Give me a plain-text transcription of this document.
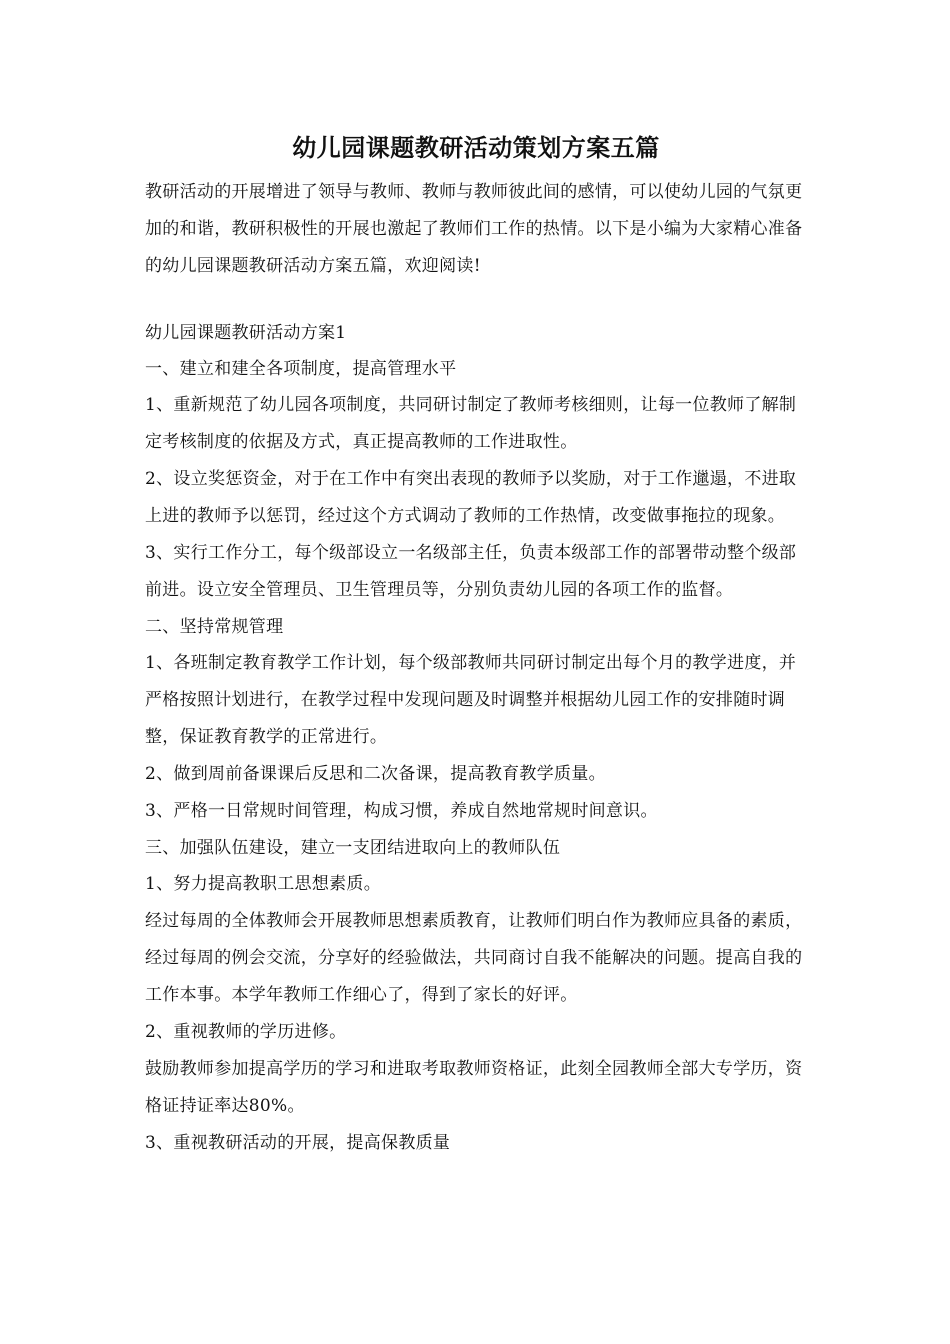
幼儿园课题教研活动策划方案五篇

教研活动的开展增进了领导与教师、教师与教师彼此间的感情，可以使幼儿园的气氛更加的和谐，教研积极性的开展也激起了教师们工作的热情。以下是小编为大家精心准备的幼儿园课题教研活动方案五篇，欢迎阅读!

幼儿园课题教研活动方案1

一、建立和建全各项制度，提高管理水平

1、重新规范了幼儿园各项制度，共同研讨制定了教师考核细则，让每一位教师了解制定考核制度的依据及方式，真正提高教师的工作进取性。

2、设立奖惩资金，对于在工作中有突出表现的教师予以奖励，对于工作邋遢，不进取上进的教师予以惩罚，经过这个方式调动了教师的工作热情，改变做事拖拉的现象。

3、实行工作分工，每个级部设立一名级部主任，负责本级部工作的部署带动整个级部前进。设立安全管理员、卫生管理员等，分别负责幼儿园的各项工作的监督。

二、坚持常规管理

1、各班制定教育教学工作计划，每个级部教师共同研讨制定出每个月的教学进度，并严格按照计划进行，在教学过程中发现问题及时调整并根据幼儿园工作的安排随时调整，保证教育教学的正常进行。

2、做到周前备课课后反思和二次备课，提高教育教学质量。

3、严格一日常规时间管理，构成习惯，养成自然地常规时间意识。

三、加强队伍建设，建立一支团结进取向上的教师队伍

1、努力提高教职工思想素质。

经过每周的全体教师会开展教师思想素质教育，让教师们明白作为教师应具备的素质，经过每周的例会交流，分享好的经验做法，共同商讨自我不能解决的问题。提高自我的工作本事。本学年教师工作细心了，得到了家长的好评。

2、重视教师的学历进修。

鼓励教师参加提高学历的学习和进取考取教师资格证，此刻全园教师全部大专学历，资格证持证率达80%。

3、重视教研活动的开展，提高保教质量
